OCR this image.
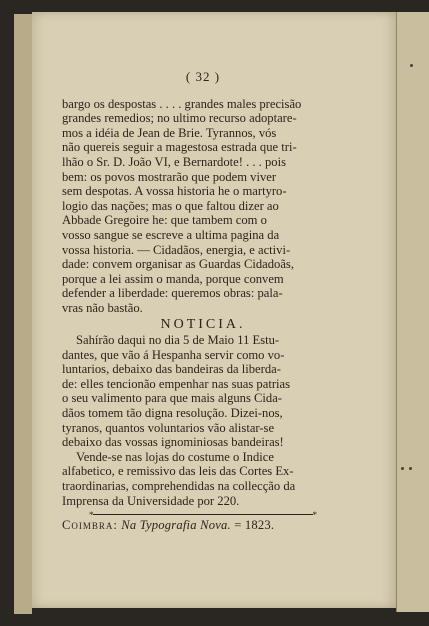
( 32 )

bargo os despostas . . . . grandes males precisão

grandes remedios; no ultimo recurso adoptare-

mos a idéia de Jean de Brie. Tyrannos, vós

não quereis seguir a magestosa estrada que tri-

lhão o Sr. D. João VI, e Bernardote! . . . pois

bem: os povos mostrarão que podem viver

sem despotas. A vossa historia he o martyro-

logio das nações; mas o que faltou dizer ao

Abbade Gregoire he: que tambem com o

vosso sangue se escreve a ultima pagina da

vossa historia. — Cidadãos, energia, e activi-

dade: convem organisar as Guardas Cidadoãs,

porque a lei assim o manda, porque convem

defender a liberdade: queremos obras: pala-

vras não bastão.

NOTICIA.

Sahírão daqui no dia 5 de Maio 11 Estu-

dantes, que vão á Hespanha servir como vo-

luntarios, debaixo das bandeiras da liberda-

de: elles tencionão empenhar nas suas patrias

o seu valimento para que mais alguns Cida-

dãos tomem tão digna resolução. Dizei-nos,

tyranos, quantos voluntarios vão alistar-se

debaixo das vossas ignominiosas bandeiras!

Vende-se nas lojas do costume o Indice

alfabetico, e remissivo das leis das Cortes Ex-

traordinarias, comprehendidas na collecção da

Imprensa da Universidade por 220.

*	*
Coimbra: Na Typografia Nova. = 1823.
